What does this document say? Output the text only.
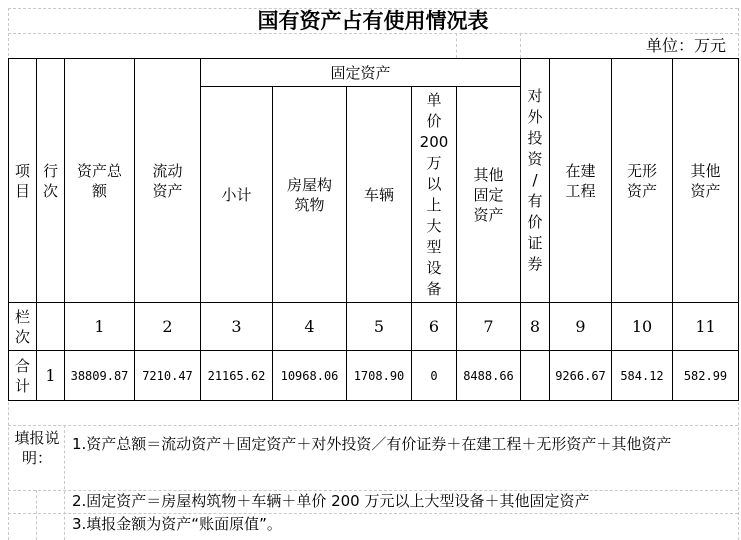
国有资产占有使用情况表
单位：万元
项目
行次
资产总额
流动资产
固定资产
小计
房屋构筑物
车辆
单
价
200
万
以
上
大
型
设
备
其他固定资产
对
外
投
资
/
有
价
证
券
在建工程
无形资产
其他资产
填报说明：
1.资产总额＝流动资产＋固定资产＋对外投资／有价证券＋在建工程＋无形资产＋其他资产
2.固定资产＝房屋构筑物＋车辆＋单价 200 万元以上大型设备＋其他固定资产
3.填报金额为资产“账面原值”。
栏次
合计
1
1
38809.87
2
7210.47
3
21165.62
4
10968.06
5
1708.90
6
0
7
8488.66
8	9
9266.67
10
584.12
11
582.99
